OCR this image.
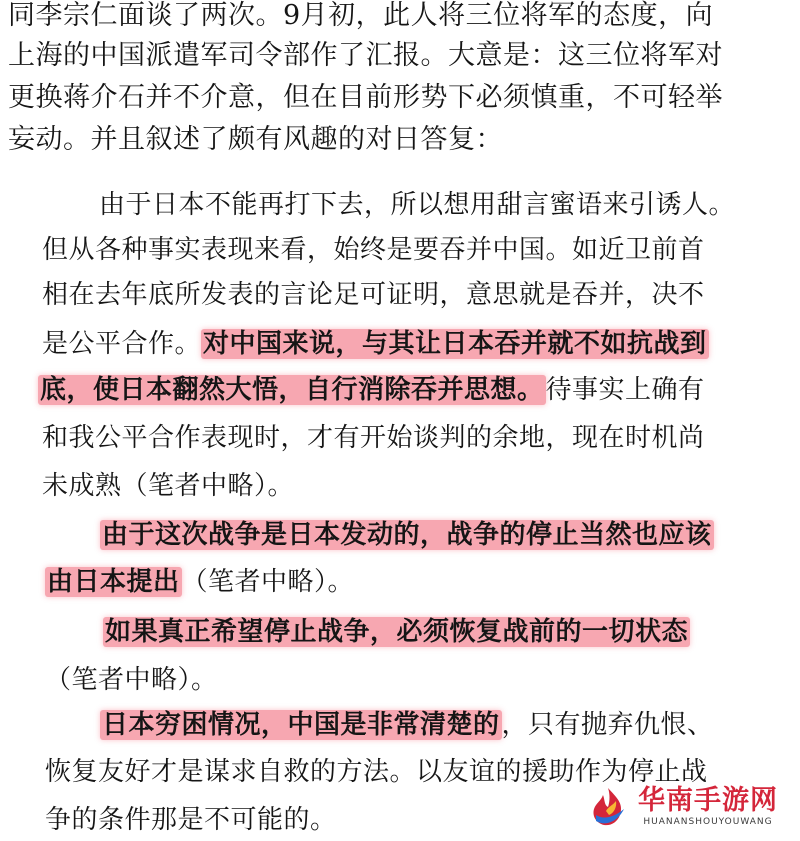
同李宗仁面谈了两次。9月初，此人将三位将军的态度，向
上海的中国派遣军司令部作了汇报。大意是：这三位将军对
更换蒋介石并不介意，但在目前形势下必须慎重，不可轻举
妄动。并且叙述了颇有风趣的对日答复：
由于日本不能再打下去，所以想用甜言蜜语来引诱人。
但从各种事实表现来看，始终是要吞并中国。如近卫前首
相在去年底所发表的言论足可证明，意思就是吞并，决不
是公平合作。对中国来说，与其让日本吞并就不如抗战到
底，使日本翻然大悟，自行消除吞并思想。待事实上确有
和我公平合作表现时，才有开始谈判的余地，现在时机尚
未成熟（笔者中略）。
由于这次战争是日本发动的，战争的停止当然也应该
由日本提出（笔者中略）。
如果真正希望停止战争，必须恢复战前的一切状态
（笔者中略）。
日本穷困情况，中国是非常清楚的，只有抛弃仇恨、
恢复友好才是谋求自救的方法。以友谊的援助作为停止战
争的条件那是不可能的。
华南手游网
HUANANSHOUYOUWANG
